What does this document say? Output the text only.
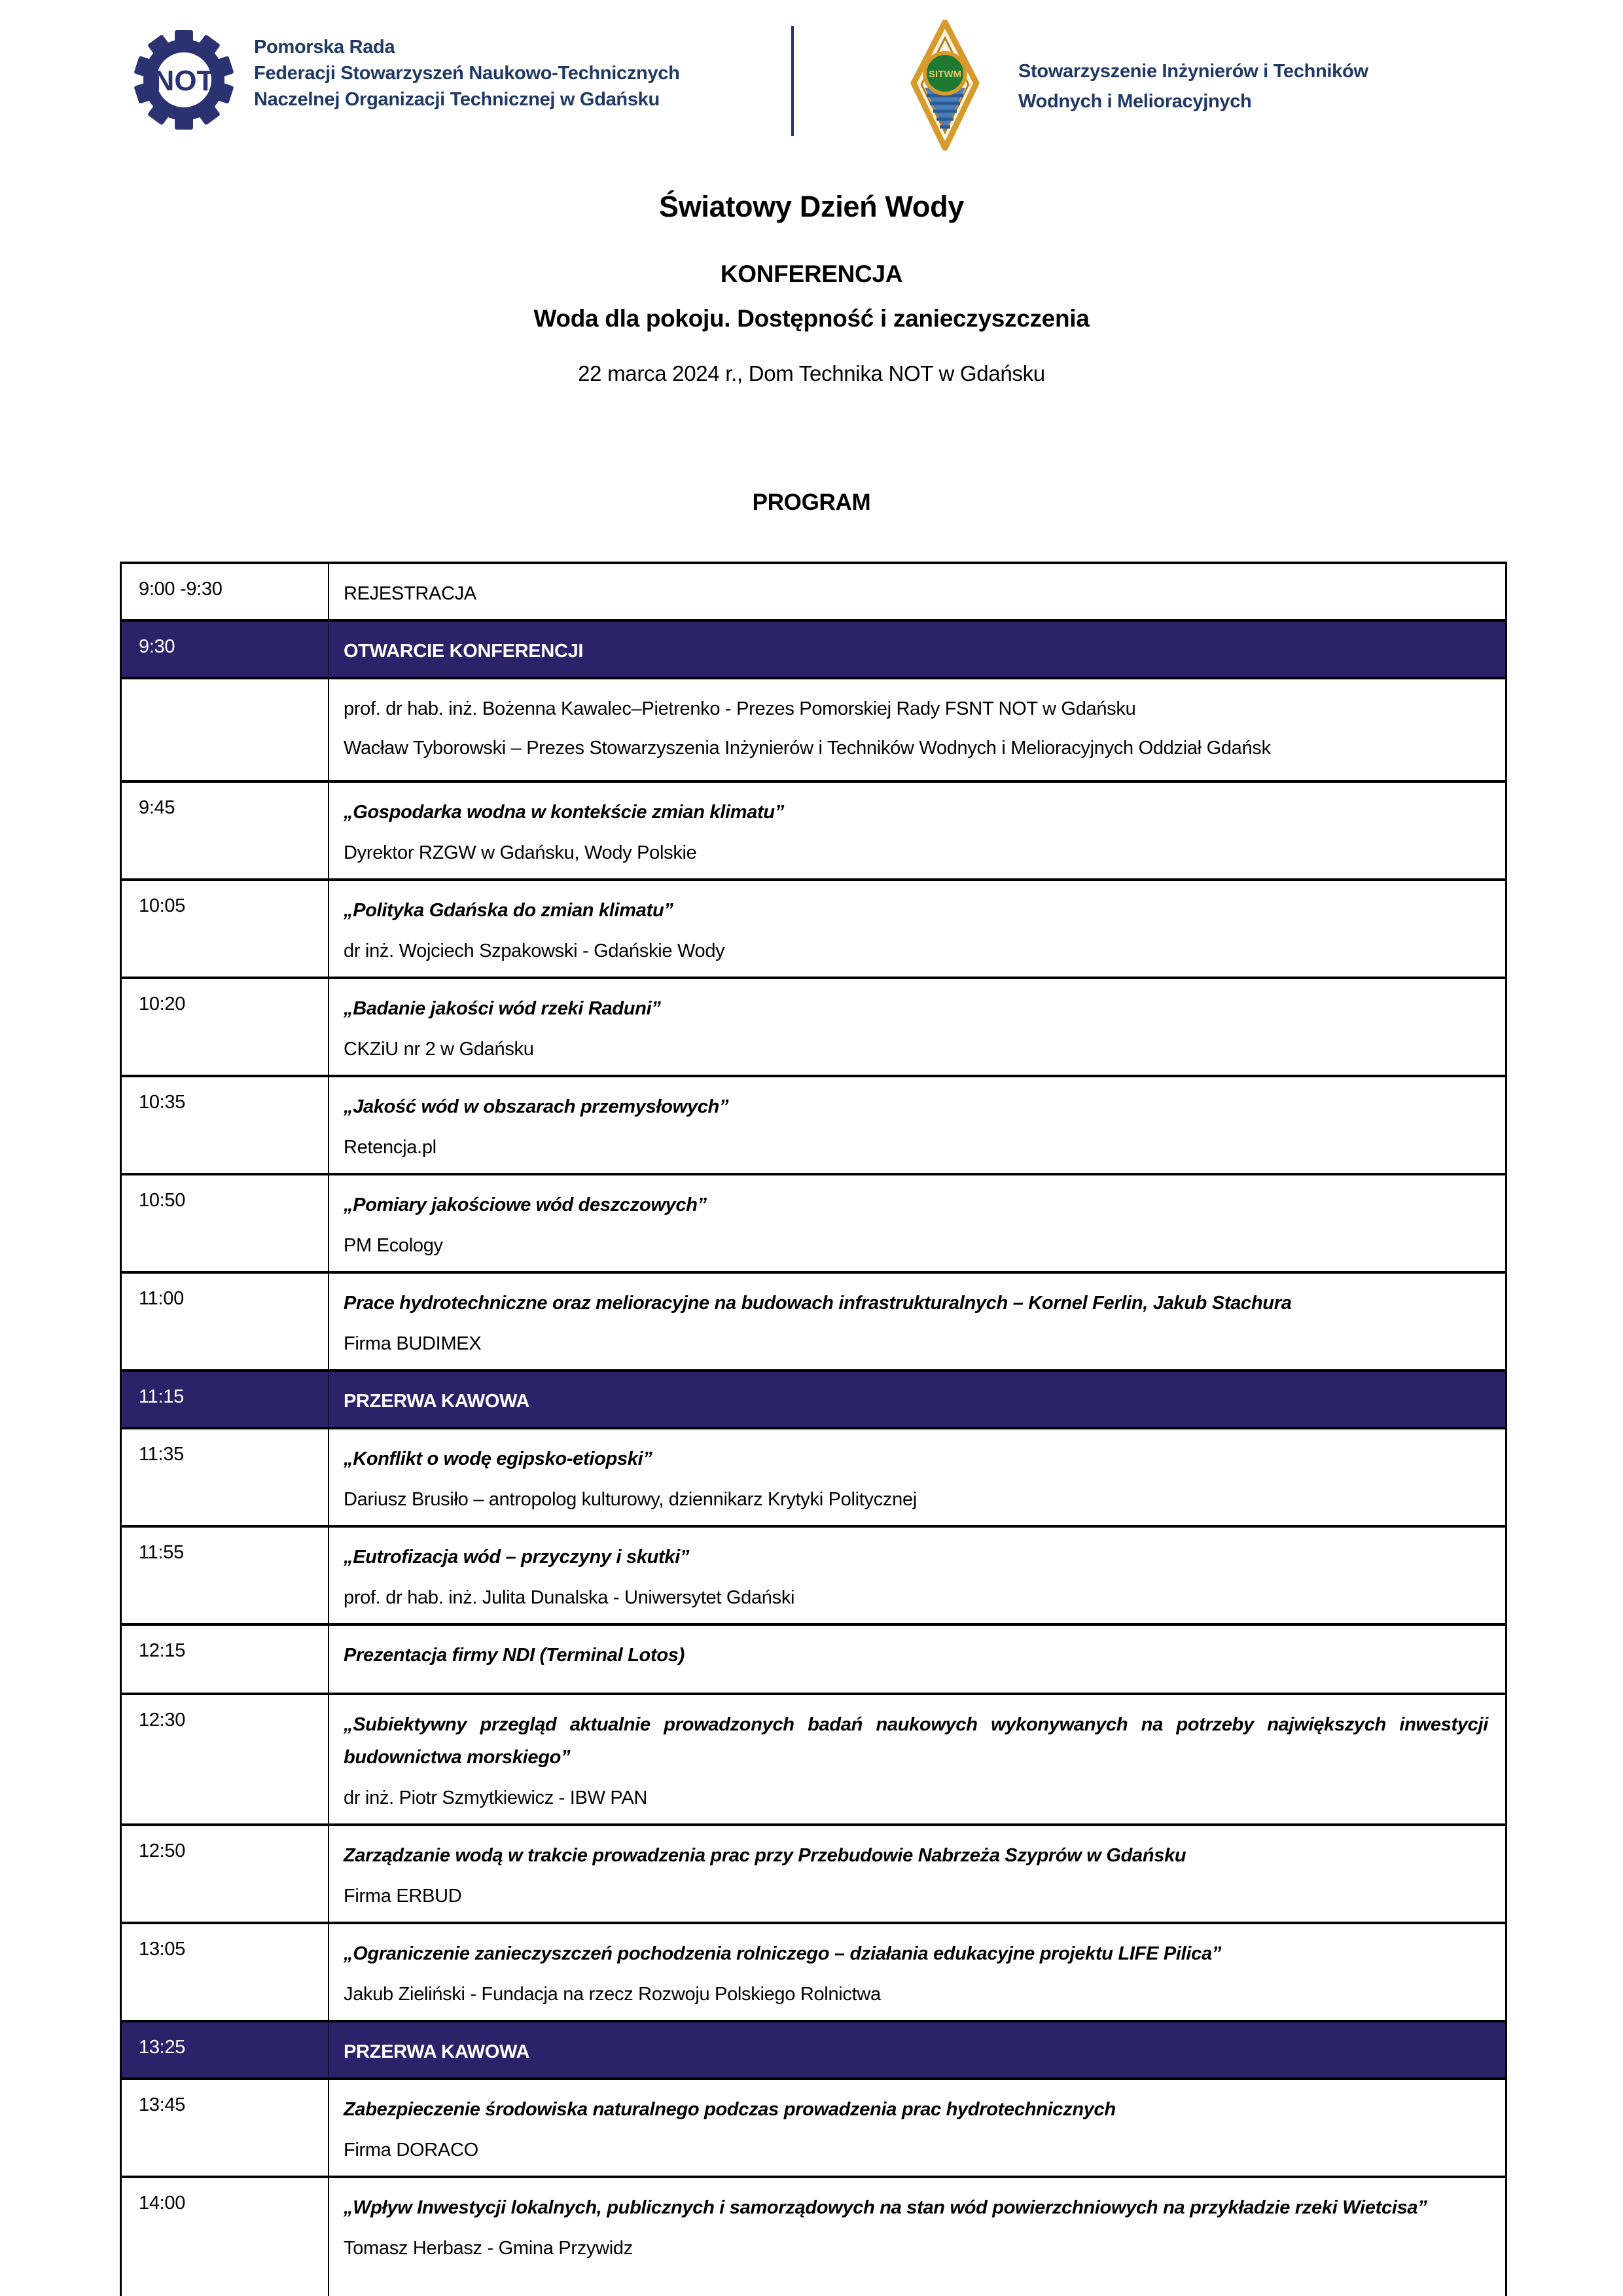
NOT
Pomorska Rada
Federacji Stowarzyszeń Naukowo-Technicznych
Naczelnej Organizacji Technicznej w Gdańsku
SITWM	Stowarzyszenie Inżynierów i Techników
Wodnych i Melioracyjnych
Światowy Dzień Wody
KONFERENCJA
Woda dla pokoju. Dostępność i zanieczyszczenia
22 marca 2024 r., Dom Technika NOT w Gdańsku
PROGRAM
9:00 -9:30	REJESTRACJA
9:30	OTWARCIE KONFERENCJI
prof. dr hab. inż. Bożenna Kawalec–Pietrenko - Prezes Pomorskiej Rady FSNT NOT w Gdańsku
Wacław Tyborowski – Prezes Stowarzyszenia Inżynierów i Techników Wodnych i Melioracyjnych Oddział Gdańsk
9:45	„Gospodarka wodna w kontekście zmian klimatu”
Dyrektor RZGW w Gdańsku, Wody Polskie
10:05	„Polityka Gdańska do zmian klimatu”
dr inż. Wojciech Szpakowski - Gdańskie Wody
10:20	„Badanie jakości wód rzeki Raduni”
CKZiU nr 2 w Gdańsku
10:35	„Jakość wód w obszarach przemysłowych”
Retencja.pl
10:50	„Pomiary jakościowe wód deszczowych”
PM Ecology
11:00	Prace hydrotechniczne oraz melioracyjne na budowach infrastrukturalnych – Kornel Ferlin, Jakub Stachura
Firma BUDIMEX
11:15	PRZERWA KAWOWA
11:35	„Konflikt o wodę egipsko-etiopski”
Dariusz Brusiło – antropolog kulturowy, dziennikarz Krytyki Politycznej
11:55	„Eutrofizacja wód – przyczyny i skutki”
prof. dr hab. inż. Julita Dunalska - Uniwersytet Gdański
12:15	Prezentacja firmy NDI (Terminal Lotos)
12:30	„Subiektywny przegląd aktualnie prowadzonych badań naukowych wykonywanych na potrzeby największych inwestycji budownictwa morskiego”
dr inż. Piotr Szmytkiewicz - IBW PAN
12:50	Zarządzanie wodą w trakcie prowadzenia prac przy Przebudowie Nabrzeża Szyprów w Gdańsku
Firma ERBUD
13:05	„Ograniczenie zanieczyszczeń pochodzenia rolniczego – działania edukacyjne projektu LIFE Pilica”
Jakub Zieliński - Fundacja na rzecz Rozwoju Polskiego Rolnictwa
13:25	PRZERWA KAWOWA
13:45	Zabezpieczenie środowiska naturalnego podczas prowadzenia prac hydrotechnicznych
Firma DORACO
14:00	„Wpływ Inwestycji lokalnych, publicznych i samorządowych na stan wód powierzchniowych na przykładzie rzeki Wietcisa”
Tomasz Herbasz - Gmina Przywidz
